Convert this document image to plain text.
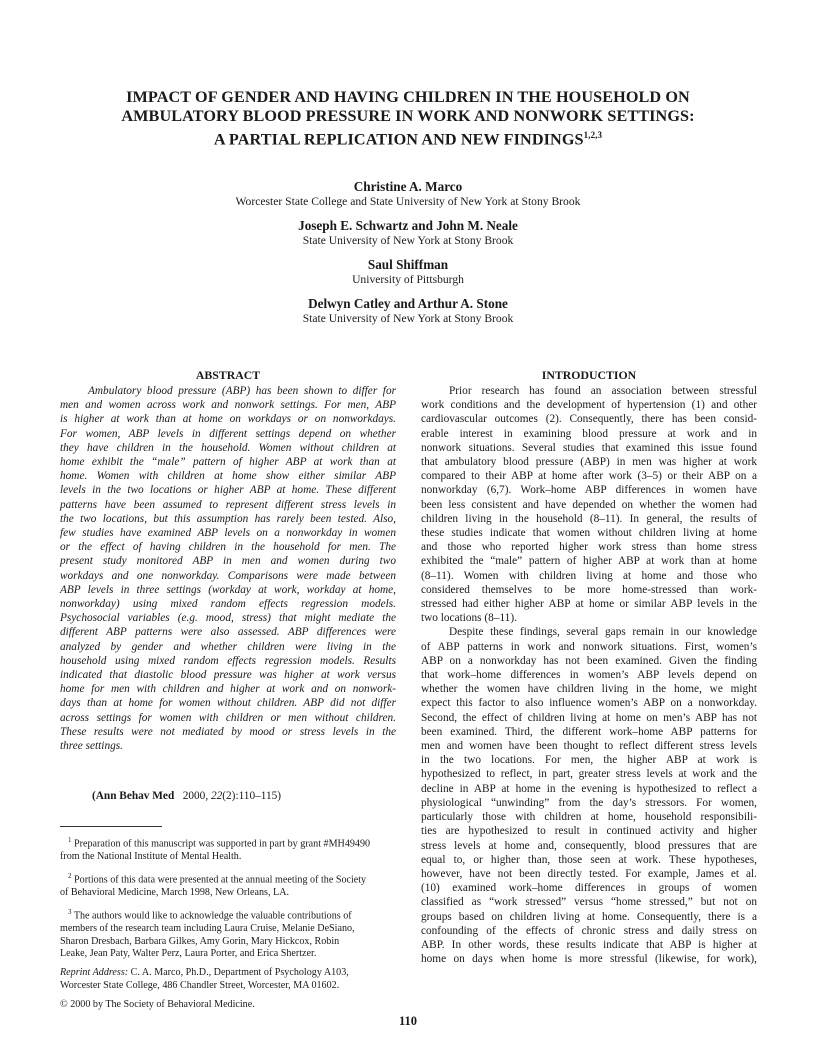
IMPACT OF GENDER AND HAVING CHILDREN IN THE HOUSEHOLD ON
AMBULATORY BLOOD PRESSURE IN WORK AND NONWORK SETTINGS:
A PARTIAL REPLICATION AND NEW FINDINGS$^{1,2,3}$
Christine A. Marco
Worcester State College and State University of New York at Stony Brook
Joseph E. Schwartz and John M. Neale
State University of New York at Stony Brook
Saul Shiffman
University of Pittsburgh
Delwyn Catley and Arthur A. Stone
State University of New York at Stony Brook
ABSTRACT	INTRODUCTION
Ambulatory blood pressure (ABP) has been shown to differ for
men and women across work and nonwork settings. For men, ABP
is higher at work than at home on workdays or on nonworkdays.
For women, ABP levels in different settings depend on whether
they have children in the household. Women without children at
home exhibit the “male” pattern of higher ABP at work than at
home. Women with children at home show either similar ABP
levels in the two locations or higher ABP at home. These different
patterns have been assumed to represent different stress levels in
the two locations, but this assumption has rarely been tested. Also,
few studies have examined ABP levels on a nonworkday in women
or the effect of having children in the household for men. The
present study monitored ABP in men and women during two
workdays and one nonworkday. Comparisons were made between
ABP levels in three settings (workday at work, workday at home,
nonworkday) using mixed random effects regression models.
Psychosocial variables (e.g. mood, stress) that might mediate the
different ABP patterns were also assessed. ABP differences were
analyzed by gender and whether children were living in the
household using mixed random effects regression models. Results
indicated that diastolic blood pressure was higher at work versus
home for men with children and higher at work and on nonwork-
days than at home for women without children. ABP did not differ
across settings for women with children or men without children.
These results were not mediated by mood or stress levels in the
three settings.
(Ann Behav Med 2000, 22(2):110–115)
$^1$ Preparation of this manuscript was supported in part by grant #MH49490
from the National Institute of Mental Health.
$^2$ Portions of this data were presented at the annual meeting of the Society
of Behavioral Medicine, March 1998, New Orleans, LA.
$^3$ The authors would like to acknowledge the valuable contributions of
members of the research team including Laura Cruise, Melanie DeSiano,
Sharon Dresbach, Barbara Gilkes, Amy Gorin, Mary Hickcox, Robin
Leake, Jean Paty, Walter Perz, Laura Porter, and Erica Shertzer.
Reprint Address: C. A. Marco, Ph.D., Department of Psychology A103,
Worcester State College, 486 Chandler Street, Worcester, MA 01602.
© 2000 by The Society of Behavioral Medicine.
Prior research has found an association between stressful
work conditions and the development of hypertension (1) and other
cardiovascular outcomes (2). Consequently, there has been consid-
erable interest in examining blood pressure at work and in
nonwork situations. Several studies that examined this issue found
that ambulatory blood pressure (ABP) in men was higher at work
compared to their ABP at home after work (3–5) or their ABP on a
nonworkday (6,7). Work–home ABP differences in women have
been less consistent and have depended on whether the women had
children living in the household (8–11). In general, the results of
these studies indicate that women without children living at home
and those who reported higher work stress than home stress
exhibited the “male” pattern of higher ABP at work than at home
(8–11). Women with children living at home and those who
considered themselves to be more home-stressed than work-
stressed had either higher ABP at home or similar ABP levels in the
two locations (8–11).
Despite these findings, several gaps remain in our knowledge
of ABP patterns in work and nonwork situations. First, women’s
ABP on a nonworkday has not been examined. Given the finding
that work–home differences in women’s ABP levels depend on
whether the women have children living in the home, we might
expect this factor to also influence women’s ABP on a nonworkday.
Second, the effect of children living at home on men’s ABP has not
been examined. Third, the different work–home ABP patterns for
men and women have been thought to reflect different stress levels
in the two locations. For men, the higher ABP at work is
hypothesized to reflect, in part, greater stress levels at work and the
decline in ABP at home in the evening is hypothesized to reflect a
physiological “unwinding” from the day’s stressors. For women,
particularly those with children at home, household responsibili-
ties are hypothesized to result in continued activity and higher
stress levels at home and, consequently, blood pressures that are
equal to, or higher than, those seen at work. These hypotheses,
however, have not been directly tested. For example, James et al.
(10) examined work–home differences in groups of women
classified as “work stressed” versus “home stressed,” but not on
groups based on children living at home. Consequently, there is a
confounding of the effects of chronic stress and daily stress on
ABP. In other words, these results indicate that ABP is higher at
home on days when home is more stressful (likewise, for work),
110
